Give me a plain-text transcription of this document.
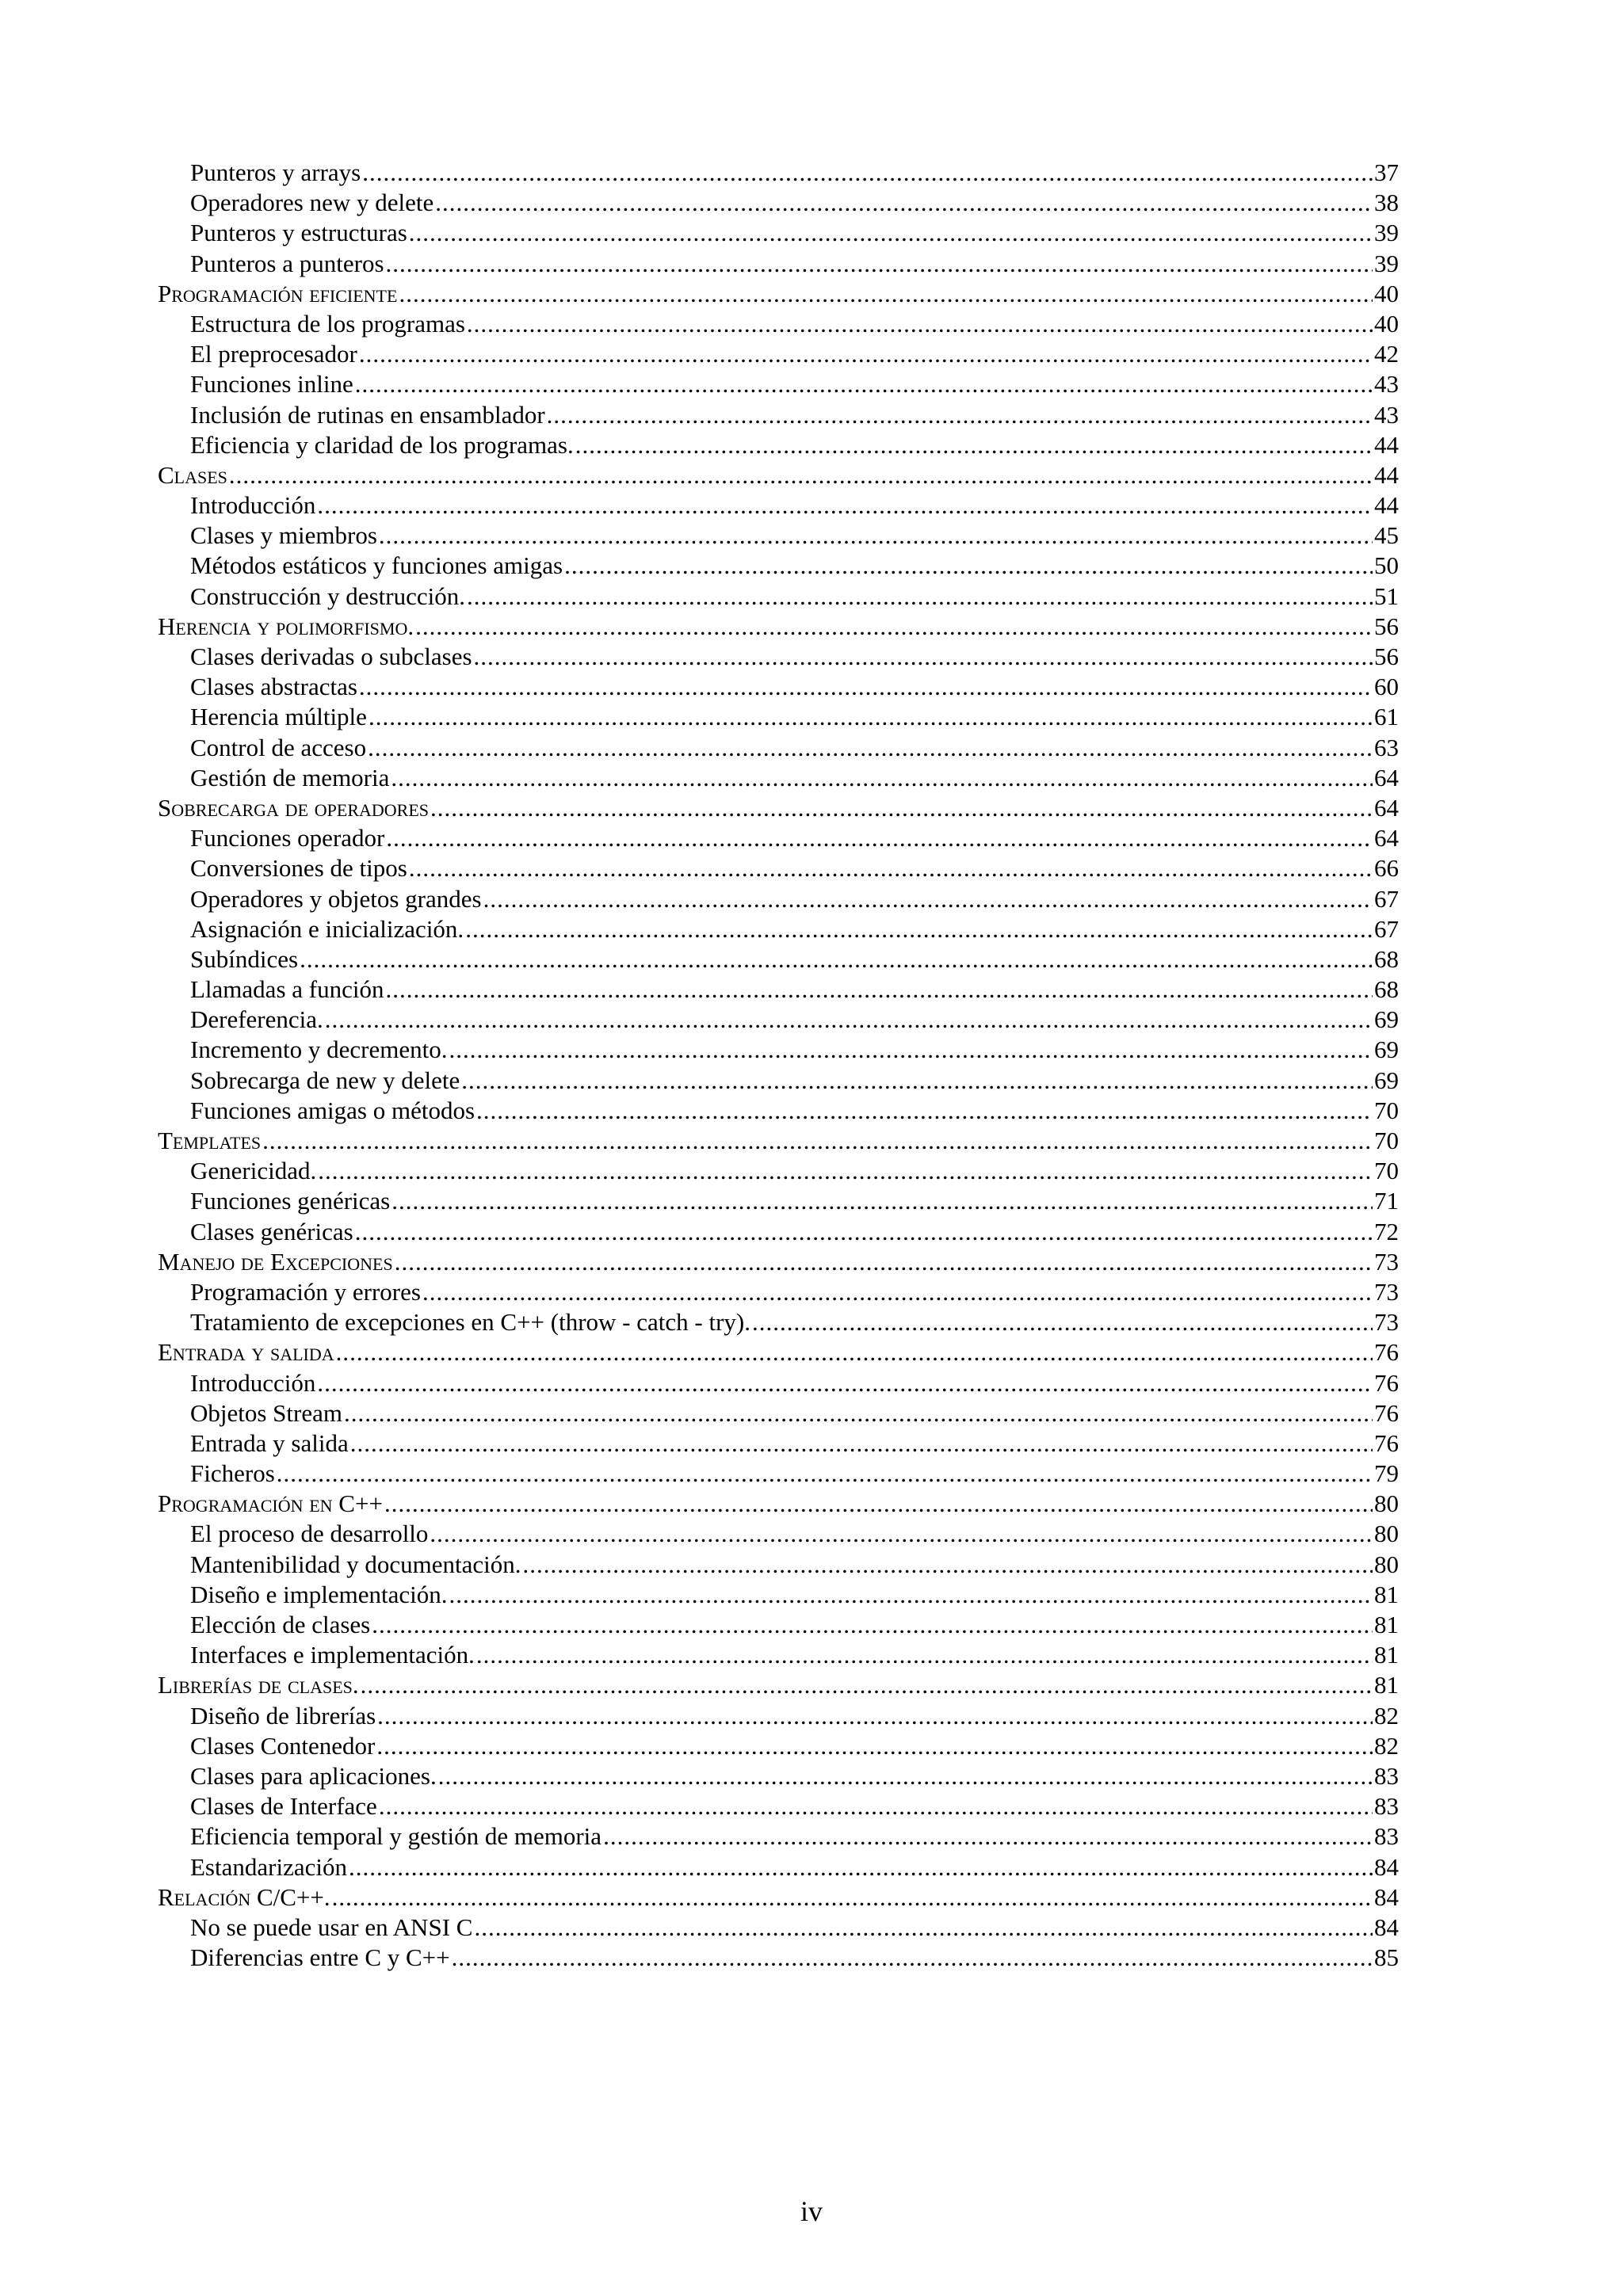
Punteros y arrays .....	37
Operadores new y delete .....	38
Punteros y estructuras .....	39
Punteros a punteros .....	39
Programación eficiente .....	40
Estructura de los programas .....	40
El preprocesador .....	42
Funciones inline .....	43
Inclusión de rutinas en ensamblador .....	43
Eficiencia y claridad de los programas. .....	44
Clases .....	44
Introducción .....	44
Clases y miembros .....	45
Métodos estáticos y funciones amigas .....	50
Construcción y destrucción. .....	51
Herencia y polimorfismo. .....	56
Clases derivadas o subclases .....	56
Clases abstractas .....	60
Herencia múltiple .....	61
Control de acceso .....	63
Gestión de memoria .....	64
Sobrecarga de operadores .....	64
Funciones operador .....	64
Conversiones de tipos .....	66
Operadores y objetos grandes .....	67
Asignación e inicialización. .....	67
Subíndices .....	68
Llamadas a función .....	68
Dereferencia. .....	69
Incremento y decremento. .....	69
Sobrecarga de new y delete .....	69
Funciones amigas o métodos .....	70
Templates .....	70
Genericidad. .....	70
Funciones genéricas .....	71
Clases genéricas .....	72
Manejo de Excepciones .....	73
Programación y errores .....	73
Tratamiento de excepciones en C++ (throw - catch - try). .....	73
Entrada y salida .....	76
Introducción .....	76
Objetos Stream .....	76
Entrada y salida .....	76
Ficheros .....	79
Programación en C++ .....	80
El proceso de desarrollo .....	80
Mantenibilidad y documentación. .....	80
Diseño e implementación. .....	81
Elección de clases .....	81
Interfaces e implementación. .....	81
Librerías de clases. .....	81
Diseño de librerías .....	82
Clases Contenedor .....	82
Clases para aplicaciones. .....	83
Clases de Interface .....	83
Eficiencia temporal y gestión de memoria .....	83
Estandarización .....	84
Relación C/C++. .....	84
No se puede usar en ANSI C .....	84
Diferencias entre C y C++ .....	85
iv
